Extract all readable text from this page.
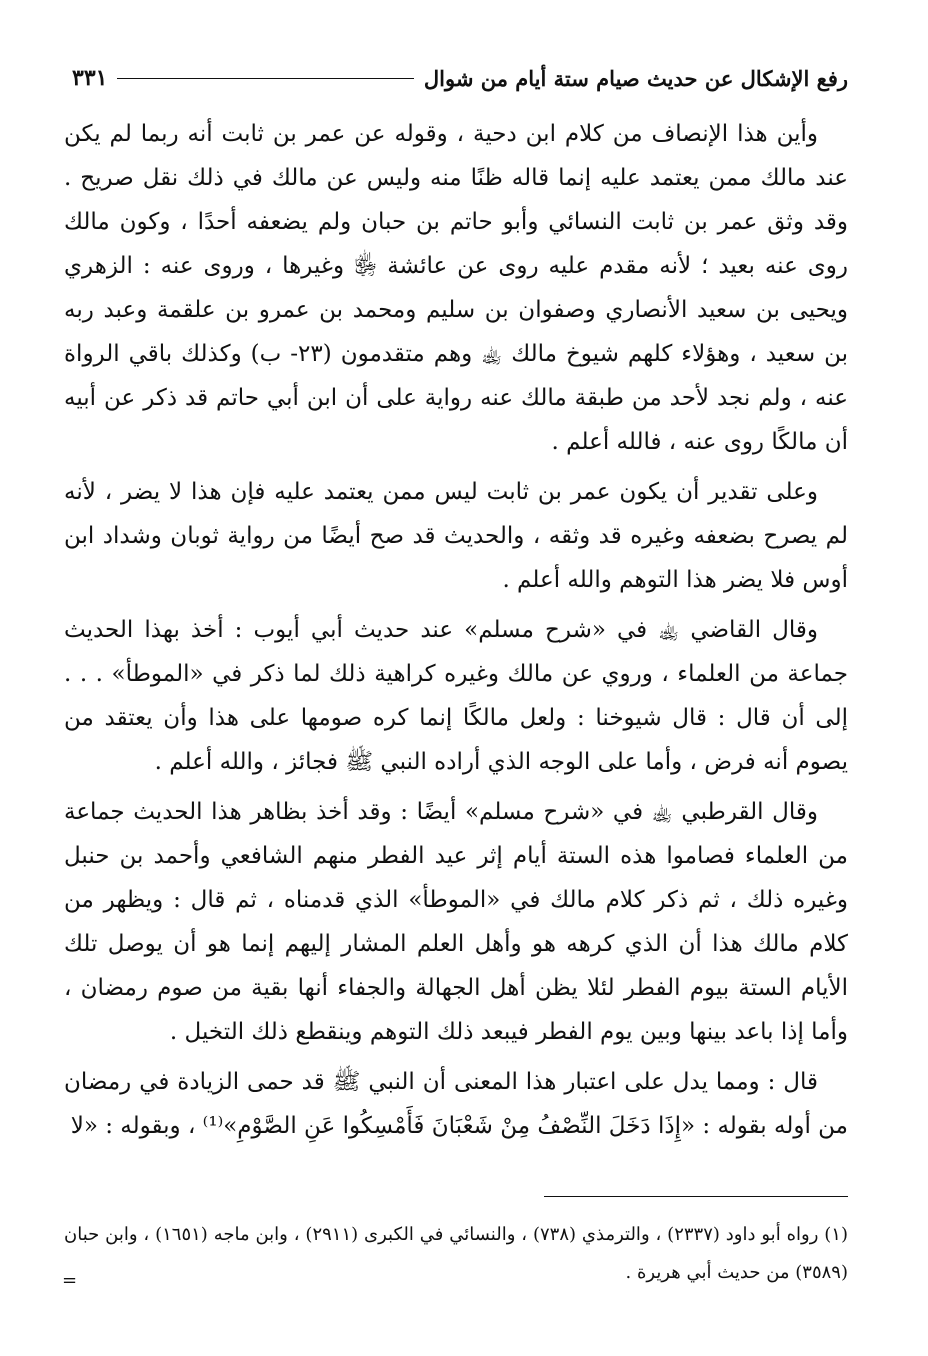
رفع الإشكال عن حديث صيام ستة أيام من شوال
٣٣١

وأين هذا الإنصاف من كلام ابن دحية ، وقوله عن عمر بن ثابت أنه ربما لم يكن عند مالك ممن يعتمد عليه إنما قاله ظنًا منه وليس عن مالك في ذلك نقل صريح . وقد وثق عمر بن ثابت النسائي وأبو حاتم بن حبان ولم يضعفه أحدًا ، وكون مالك روى عنه بعيد ؛ لأنه مقدم عليه روى عن عائشة ﵂ وغيرها ، وروى عنه : الزهري ويحيى بن سعيد الأنصاري وصفوان بن سليم ومحمد بن عمرو بن علقمة وعبد ربه بن سعيد ، وهؤلاء كلهم شيوخ مالك ﵀ وهم متقدمون (٢٣- ب) وكذلك باقي الرواة عنه ، ولم نجد لأحد من طبقة مالك عنه رواية على أن ابن أبي حاتم قد ذكر عن أبيه أن مالكًا روى عنه ، فالله أعلم .

وعلى تقدير أن يكون عمر بن ثابت ليس ممن يعتمد عليه فإن هذا لا يضر ، لأنه لم يصرح بضعفه وغيره قد وثقه ، والحديث قد صح أيضًا من رواية ثوبان وشداد ابن أوس فلا يضر هذا التوهم والله أعلم .

وقال القاضي ﵀ في «شرح مسلم» عند حديث أبي أيوب : أخذ بهذا الحديث جماعة من العلماء ، وروي عن مالك وغيره كراهية ذلك لما ذكر في «الموطأ» . . . إلى أن قال : قال شيوخنا : ولعل مالكًا إنما كره صومها على هذا وأن يعتقد من يصوم أنه فرض ، وأما على الوجه الذي أراده النبي ﷺ فجائز ، والله أعلم .

وقال القرطبي ﵀ في «شرح مسلم» أيضًا : وقد أخذ بظاهر هذا الحديث جماعة من العلماء فصاموا هذه الستة أيام إثر عيد الفطر منهم الشافعي وأحمد بن حنبل وغيره ذلك ، ثم ذكر كلام مالك في «الموطأ» الذي قدمناه ، ثم قال : ويظهر من كلام مالك هذا أن الذي كرهه هو وأهل العلم المشار إليهم إنما هو أن يوصل تلك الأيام الستة بيوم الفطر لئلا يظن أهل الجهالة والجفاء أنها بقية من صوم رمضان ، وأما إذا باعد بينها وبين يوم الفطر فيبعد ذلك التوهم وينقطع ذلك التخيل .

قال : ومما يدل على اعتبار هذا المعنى أن النبي ﷺ قد حمى الزيادة في رمضان من أوله بقوله : «إِذَا دَخَلَ النِّصْفُ مِنْ شَعْبَانَ فَأَمْسِكُوا عَنِ الصَّوْمِ»⁽¹⁾ ، وبقوله : «لا

(١) رواه أبو داود (٢٣٣٧) ، والترمذي (٧٣٨) ، والنسائي في الكبرى (٢٩١١) ، وابن ماجه (١٦٥١) ، وابن حبان (٣٥٨٩) من حديث أبي هريرة .

=
